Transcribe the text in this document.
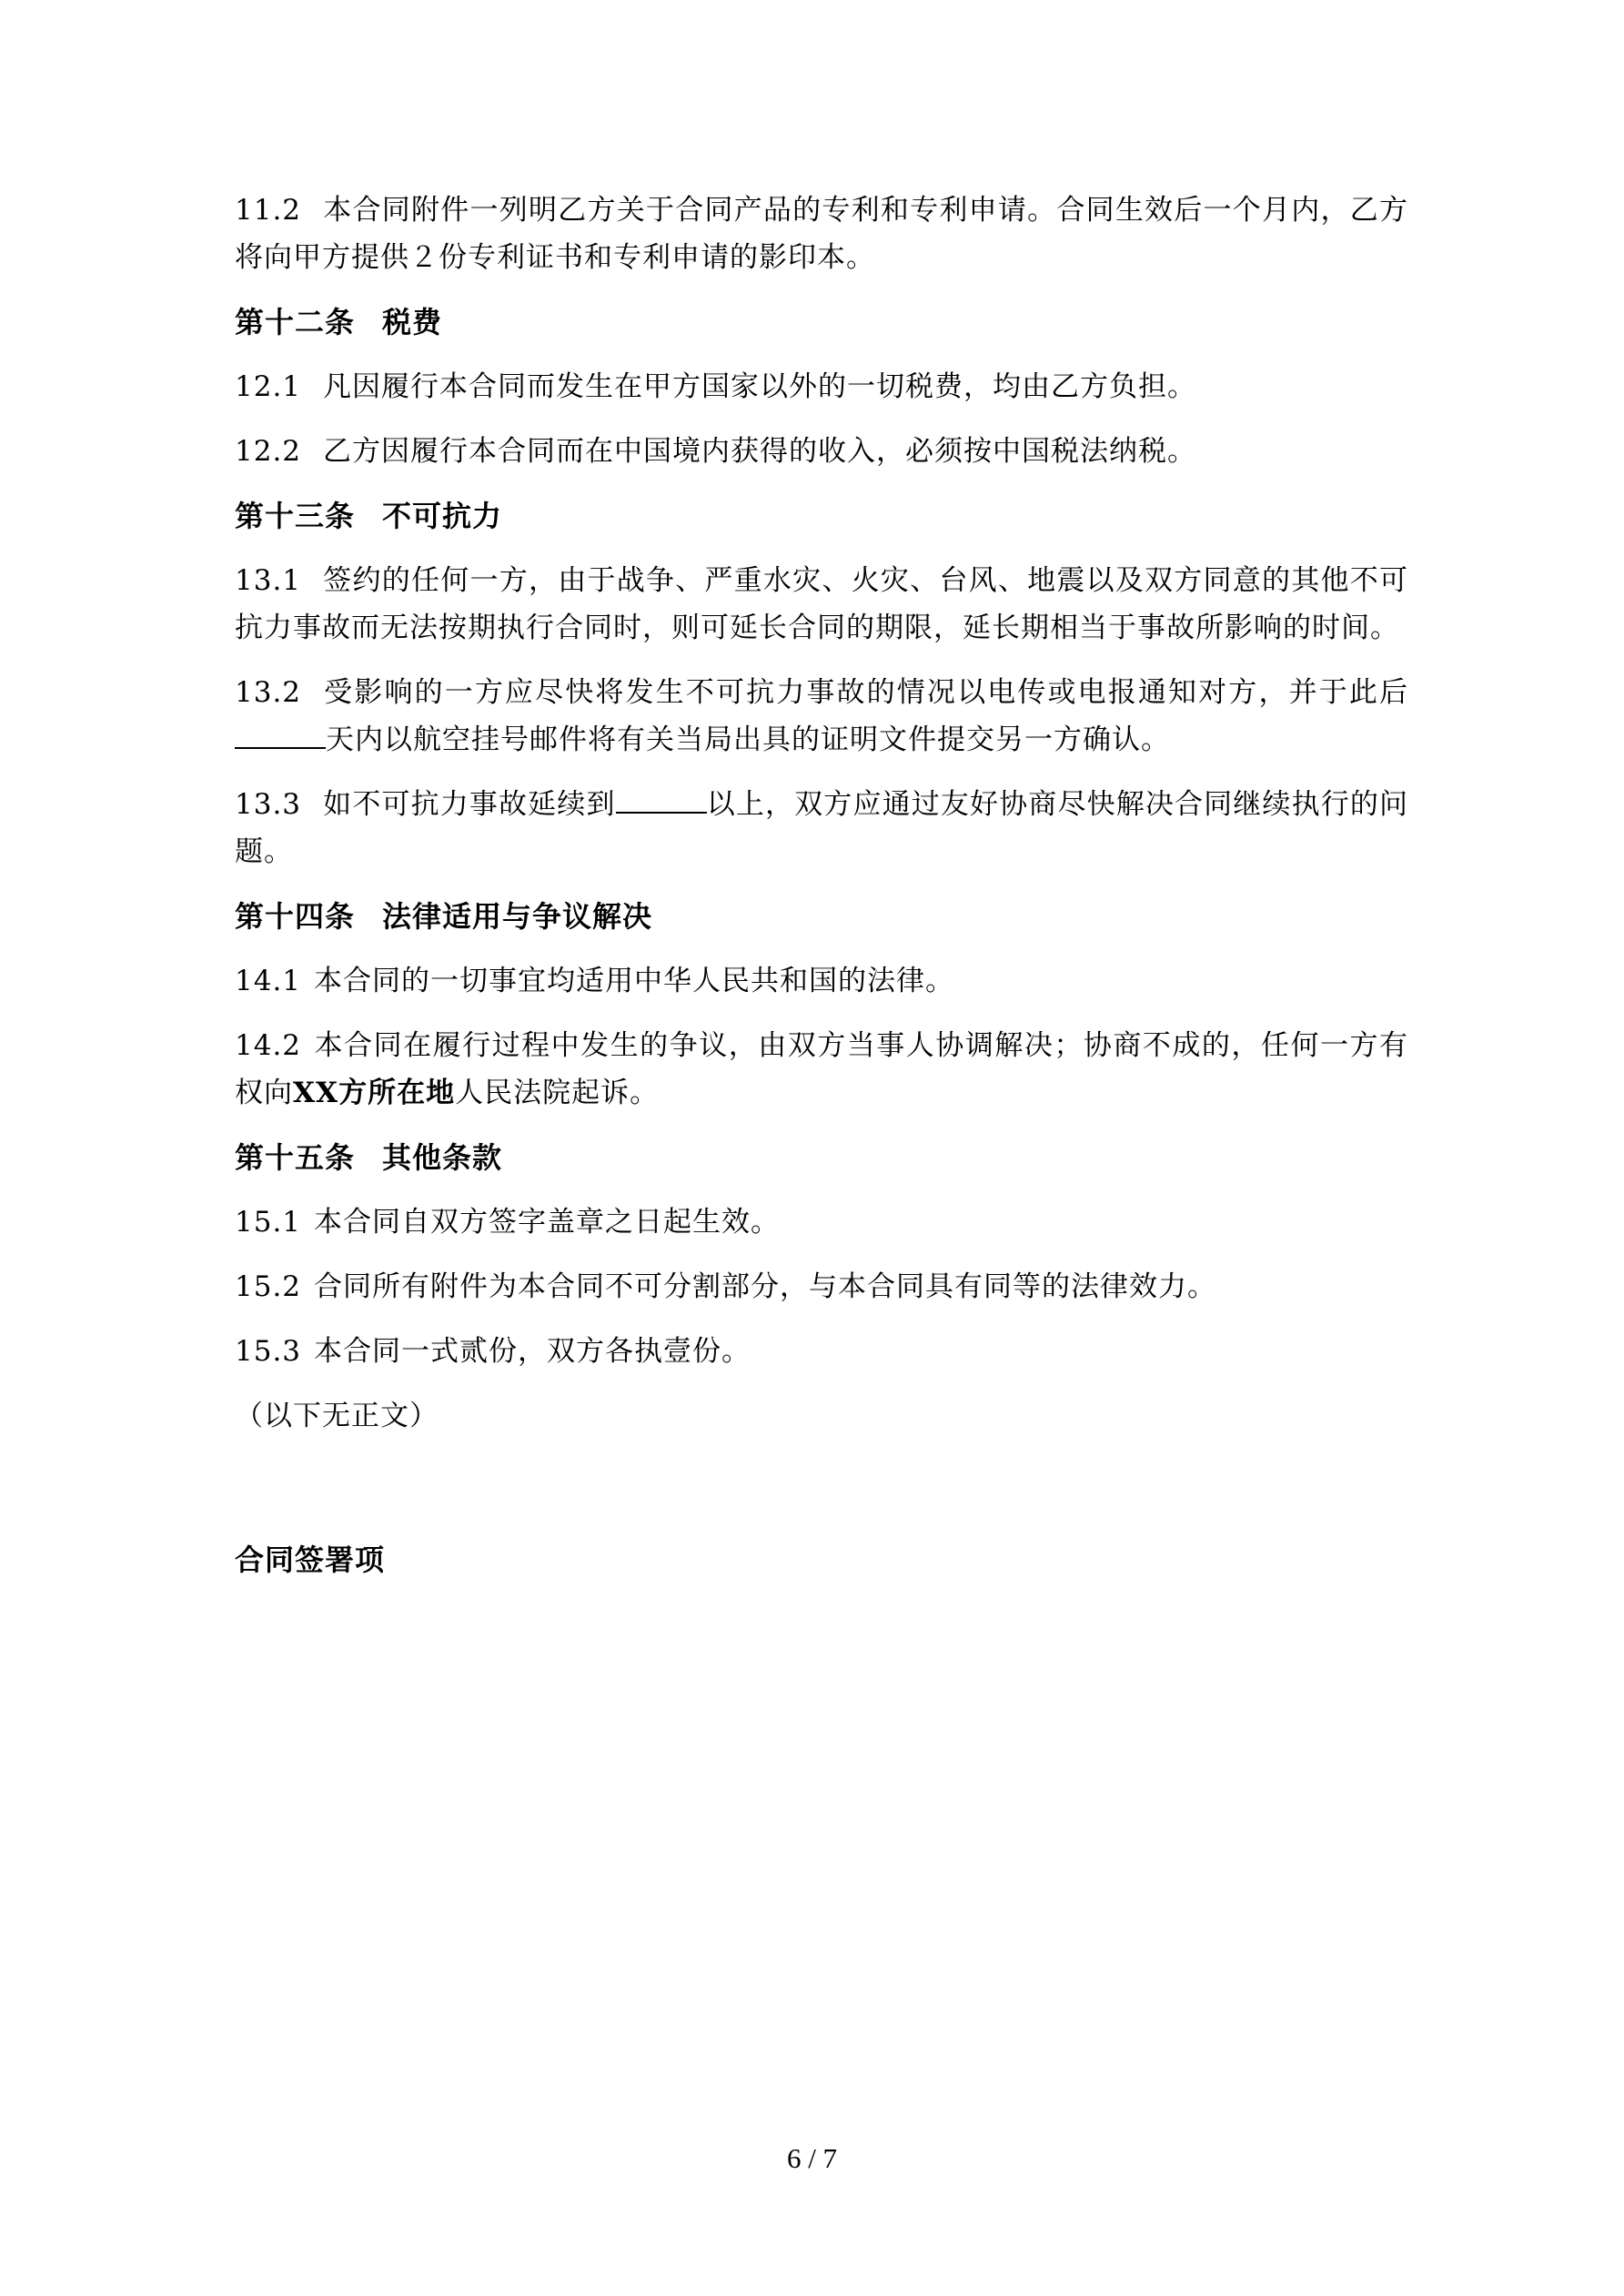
11.2 本合同附件一列明乙方关于合同产品的专利和专利申请。合同生效后一个月内，乙方将向甲方提供２份专利证书和专利申请的影印本。

第十二条 税费

12.1 凡因履行本合同而发生在甲方国家以外的一切税费，均由乙方负担。

12.2 乙方因履行本合同而在中国境内获得的收入，必须按中国税法纳税。

第十三条 不可抗力

13.1 签约的任何一方，由于战争、严重水灾、火灾、台风、地震以及双方同意的其他不可抗力事故而无法按期执行合同时，则可延长合同的期限，延长期相当于事故所影响的时间。

13.2 受影响的一方应尽快将发生不可抗力事故的情况以电传或电报通知对方，并于此后天内以航空挂号邮件将有关当局出具的证明文件提交另一方确认。

13.3 如不可抗力事故延续到	以上，双方应通过友好协商尽快解决合同继续执行的问题。

第十四条 法律适用与争议解决

14.1 本合同的一切事宜均适用中华人民共和国的法律。

14.2 本合同在履行过程中发生的争议，由双方当事人协调解决；协商不成的，任何一方有权向XX方所在地人民法院起诉。

第十五条 其他条款

15.1 本合同自双方签字盖章之日起生效。

15.2 合同所有附件为本合同不可分割部分，与本合同具有同等的法律效力。

15.3 本合同一式贰份，双方各执壹份。

（以下无正文）

合同签署项
6 / 7
